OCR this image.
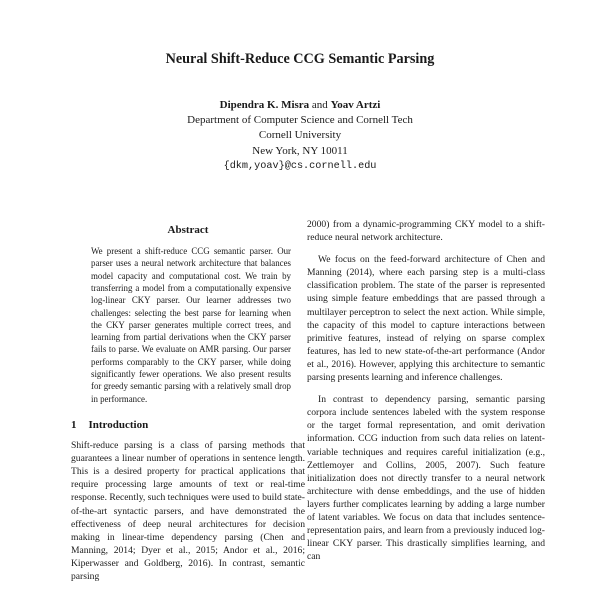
Neural Shift-Reduce CCG Semantic Parsing
Dipendra K. Misra and Yoav Artzi
Department of Computer Science and Cornell Tech
Cornell University
New York, NY 10011
{dkm,yoav}@cs.cornell.edu
Abstract

We present a shift-reduce CCG semantic parser. Our parser uses a neural network architecture that balances model capacity and computational cost. We train by transferring a model from a computationally expensive log-linear CKY parser. Our learner addresses two challenges: selecting the best parse for learning when the CKY parser generates multiple correct trees, and learning from partial derivations when the CKY parser fails to parse. We evaluate on AMR parsing. Our parser performs comparably to the CKY parser, while doing significantly fewer operations. We also present results for greedy semantic parsing with a relatively small drop in performance.

1 Introduction

Shift-reduce parsing is a class of parsing methods that guarantees a linear number of operations in sentence length. This is a desired property for practical applications that require processing large amounts of text or real-time response. Recently, such techniques were used to build state-of-the-art syntactic parsers, and have demonstrated the effectiveness of deep neural architectures for decision making in linear-time dependency parsing (Chen and Manning, 2014; Dyer et al., 2015; Andor et al., 2016; Kiperwasser and Goldberg, 2016). In contrast, semantic parsing

2000) from a dynamic-programming CKY model to a shift-reduce neural network architecture.

We focus on the feed-forward architecture of Chen and Manning (2014), where each parsing step is a multi-class classification problem. The state of the parser is represented using simple feature embeddings that are passed through a multilayer perceptron to select the next action. While simple, the capacity of this model to capture interactions between primitive features, instead of relying on sparse complex features, has led to new state-of-the-art performance (Andor et al., 2016). However, applying this architecture to semantic parsing presents learning and inference challenges.

In contrast to dependency parsing, semantic parsing corpora include sentences labeled with the system response or the target formal representation, and omit derivation information. CCG induction from such data relies on latent-variable techniques and requires careful initialization (e.g., Zettlemoyer and Collins, 2005, 2007). Such feature initialization does not directly transfer to a neural network architecture with dense embeddings, and the use of hidden layers further complicates learning by adding a large number of latent variables. We focus on data that includes sentence-representation pairs, and learn from a previously induced log-linear CKY parser. This drastically simplifies learning, and can
